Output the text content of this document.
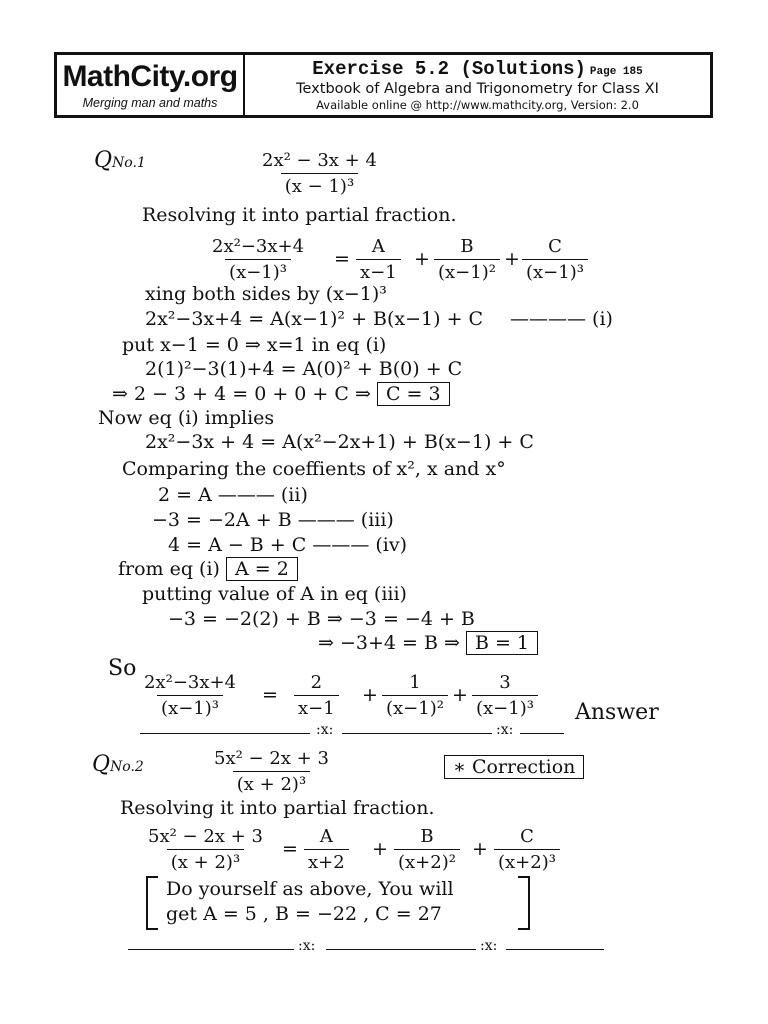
MathCity.org
Merging man and maths
Exercise 5.2 (Solutions) Page 185
Textbook of Algebra and Trigonometry for Class XI
Available online @ http://www.mathcity.org, Version: 2.0
QNo.1	$\frac{\text{2x² − 3x + 4}}{\text{(x − 1)³}}$
Resolving it into partial fraction.
$\frac{\text{2x²−3x+4}}{\text{(x−1)³}} = \frac{A}{x-1} + \frac{B}{\text{(x−1)²}} + \frac{C}{\text{(x−1)³}}$
xing both sides by (x−1)³
2x²−3x+4 = A(x−1)² + B(x−1) + C ———— (i)
put x−1 = 0 ⇒ x=1 in eq (i)
2(1)²−3(1)+4 = A(0)² + B(0) + C
⇒ 2 − 3 + 4 = 0 + 0 + C ⇒ C = 3
Now eq (i) implies
2x²−3x + 4 = A(x²−2x+1) + B(x−1) + C
Comparing the coeffients of x², x and x°
2 = A ——— (ii)
−3 = −2A + B ——— (iii)
4 = A − B + C ——— (iv)
from eq (i) A = 2
putting value of A in eq (iii)
−3 = −2(2) + B ⇒ −3 = −4 + B
⇒ −3+4 = B ⇒ B = 1
So
$\frac{\text{2x²−3x+4}}{\text{(x−1)³}} = \frac{2}{x-1} + \frac{1}{\text{(x−1)²}} + \frac{3}{\text{(x−1)³}}$ Answer
:x:	:x:
QNo.2	$\frac{\text{5x² − 2x + 3}}{\text{(x + 2)³}}$	∗ Correction
Resolving it into partial fraction.
$\frac{\text{5x² − 2x + 3}}{\text{(x + 2)³}} = \frac{A}{x+2} + \frac{B}{\text{(x+2)²}} + \frac{C}{\text{(x+2)³}}$
Do yourself as above, You will
get A = 5 , B = −22 , C = 27
:x:	:x:
